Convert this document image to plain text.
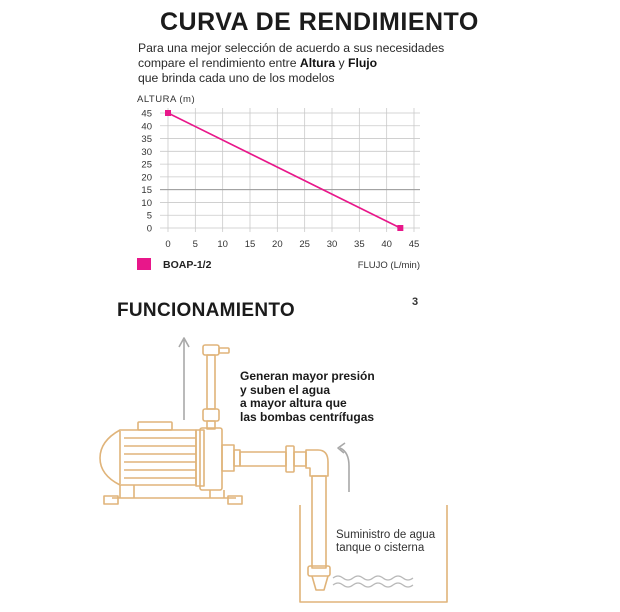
CURVA DE RENDIMIENTO

Para una mejor selección de acuerdo a sus necesidades

compare el rendimiento entre Altura y Flujo

que brinda cada uno de los modelos

0
5
10
15
20
25
30
35
40
45
0 5 10 15 20 25 30 35 40 45
ALTURA (m)
FLUJO (L/min)
BOAP-1/2
FUNCIONAMIENTO	3
Generan mayor presión
y suben el agua
a mayor altura que
las bombas centrífugas
Suministro de agua
tanque o cisterna
